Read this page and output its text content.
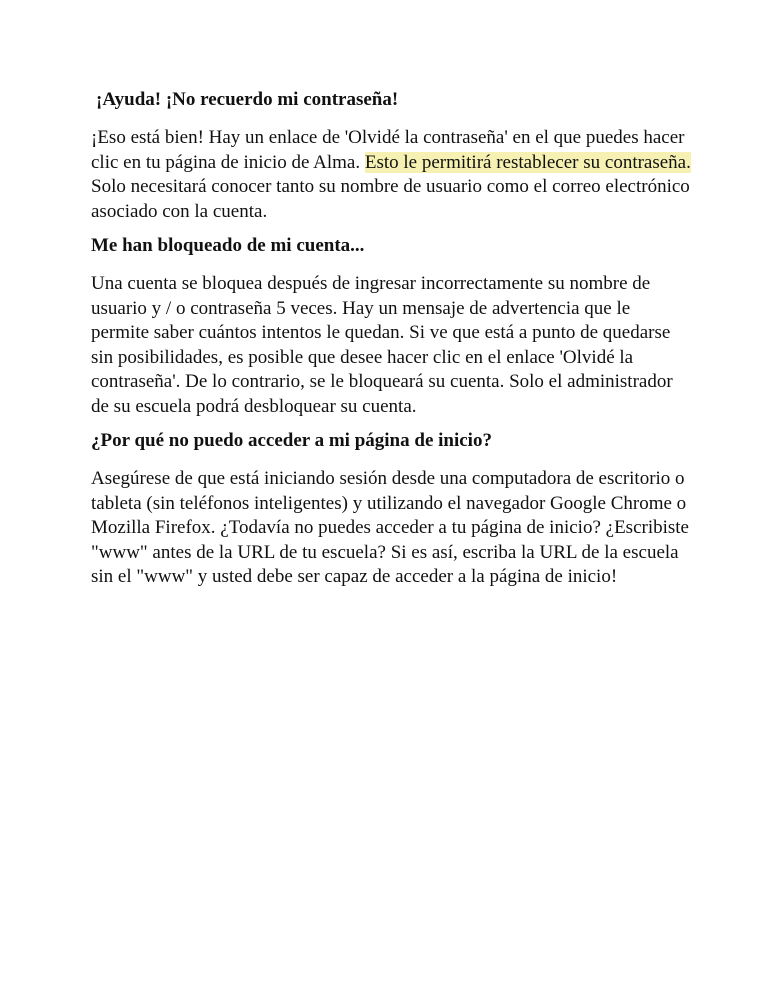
¡Ayuda! ¡No recuerdo mi contraseña!

¡Eso está bien! Hay un enlace de 'Olvidé la contraseña' en el que puedes hacer clic en tu página de inicio de Alma. Esto le permitirá restablecer su contraseña. Solo necesitará conocer tanto su nombre de usuario como el correo electrónico asociado con la cuenta.

Me han bloqueado de mi cuenta...

Una cuenta se bloquea después de ingresar incorrectamente su nombre de usuario y / o contraseña 5 veces. Hay un mensaje de advertencia que le permite saber cuántos intentos le quedan. Si ve que está a punto de quedarse sin posibilidades, es posible que desee hacer clic en el enlace 'Olvidé la contraseña'. De lo contrario, se le bloqueará su cuenta. Solo el administrador de su escuela podrá desbloquear su cuenta.

¿Por qué no puedo acceder a mi página de inicio?

Asegúrese de que está iniciando sesión desde una computadora de escritorio o tableta (sin teléfonos inteligentes) y utilizando el navegador Google Chrome o Mozilla Firefox. ¿Todavía no puedes acceder a tu página de inicio? ¿Escribiste "www" antes de la URL de tu escuela? Si es así, escriba la URL de la escuela sin el "www" y usted debe ser capaz de acceder a la página de inicio!
